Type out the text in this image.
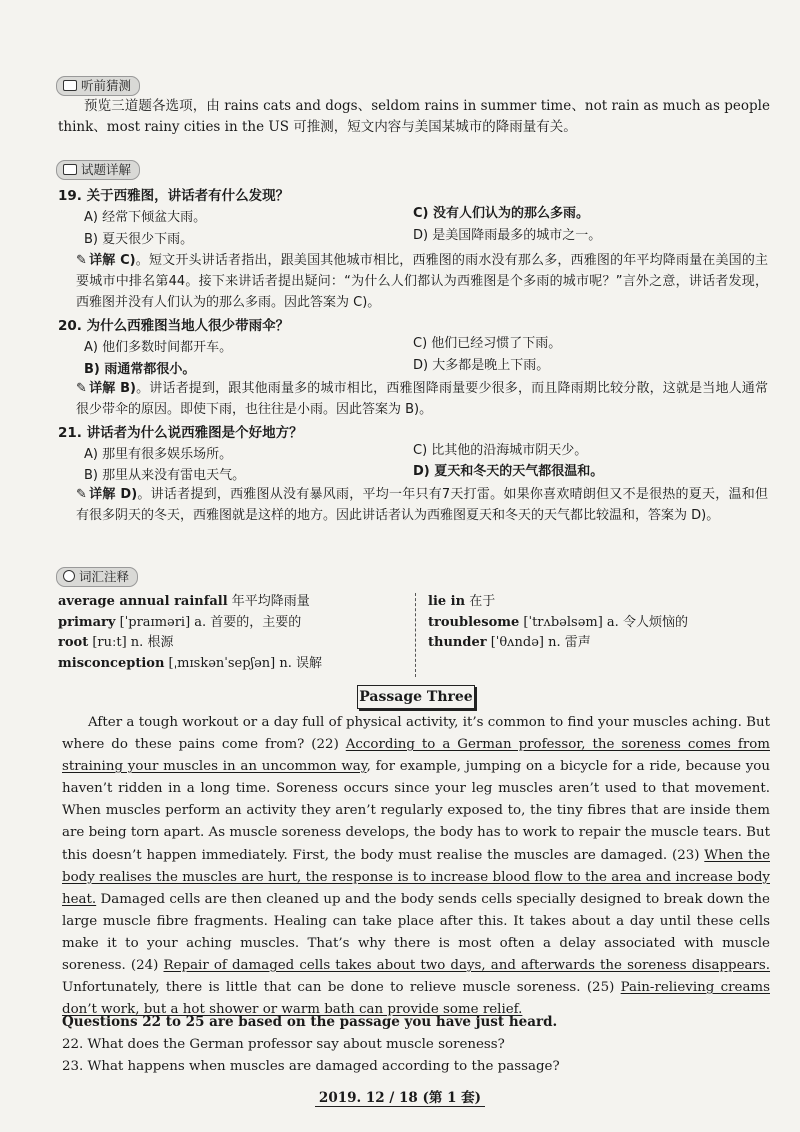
听前猜测
预览三道题各选项，由 rains cats and dogs、seldom rains in summer time、not rain as much as people think、most rainy cities in the US 可推测，短文内容与美国某城市的降雨量有关。
试题详解
19. 关于西雅图，讲话者有什么发现？
A) 经常下倾盆大雨。	C) 没有人们认为的那么多雨。
B) 夏天很少下雨。	D) 是美国降雨最多的城市之一。
✎ 详解 C)。短文开头讲话者指出，跟美国其他城市相比，西雅图的雨水没有那么多，西雅图的年平均降雨量在美国的主要城市中排名第44。接下来讲话者提出疑问：“为什么人们都认为西雅图是个多雨的城市呢？”言外之意，讲话者发现，西雅图并没有人们认为的那么多雨。因此答案为 C)。
20. 为什么西雅图当地人很少带雨伞？
A) 他们多数时间都开车。	C) 他们已经习惯了下雨。
B) 雨通常都很小。	D) 大多都是晚上下雨。
✎ 详解 B)。讲话者提到，跟其他雨量多的城市相比，西雅图降雨量要少很多，而且降雨期比较分散，这就是当地人通常很少带伞的原因。即使下雨，也往往是小雨。因此答案为 B)。
21. 讲话者为什么说西雅图是个好地方？
A) 那里有很多娱乐场所。	C) 比其他的沿海城市阴天少。
B) 那里从来没有雷电天气。	D) 夏天和冬天的天气都很温和。
✎ 详解 D)。讲话者提到，西雅图从没有暴风雨，平均一年只有7天打雷。如果你喜欢晴朗但又不是很热的夏天，温和但有很多阴天的冬天，西雅图就是这样的地方。因此讲话者认为西雅图夏天和冬天的天气都比较温和，答案为 D)。
词汇注释
average annual rainfall 年平均降雨量
primary [ˈpraɪməri] a. 首要的，主要的
root [ruːt] n. 根源
misconception [ˌmɪskənˈsepʃən] n. 误解
lie in 在于
troublesome [ˈtrʌbəlsəm] a. 令人烦恼的
thunder [ˈθʌndə] n. 雷声
Passage Three

After a tough workout or a day full of physical activity, it’s common to find your muscles aching. But where do these pains come from? (22) According to a German professor, the soreness comes from straining your muscles in an uncommon way, for example, jumping on a bicycle for a ride, because you haven’t ridden in a long time. Soreness occurs since your leg muscles aren’t used to that movement. When muscles perform an activity they aren’t regularly exposed to, the tiny fibres that are inside them are being torn apart. As muscle soreness develops, the body has to work to repair the muscle tears. But this doesn’t happen immediately. First, the body must realise the muscles are damaged. (23) When the body realises the muscles are hurt, the response is to increase blood flow to the area and increase body heat. Damaged cells are then cleaned up and the body sends cells specially designed to break down the large muscle fibre fragments. Healing can take place after this. It takes about a day until these cells make it to your aching muscles. That’s why there is most often a delay associated with muscle soreness. (24) Repair of damaged cells takes about two days, and afterwards the soreness disappears. Unfortunately, there is little that can be done to relieve muscle soreness. (25) Pain-relieving creams don’t work, but a hot shower or warm bath can provide some relief.

Questions 22 to 25 are based on the passage you have just heard.
22. What does the German professor say about muscle soreness?
23. What happens when muscles are damaged according to the passage?
2019. 12 / 18 (第 1 套)
